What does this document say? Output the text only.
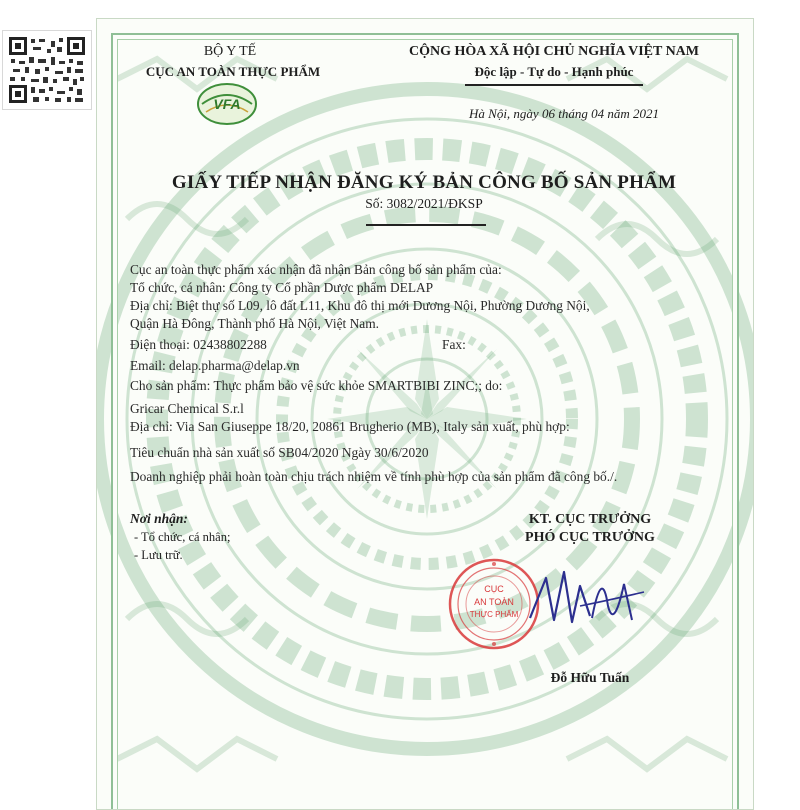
BỘ Y TẾ
CỤC AN TOÀN THỰC PHẨM
VFA
CỘNG HÒA XÃ HỘI CHỦ NGHĨA VIỆT NAM
Độc lập - Tự do - Hạnh phúc
Hà Nội, ngày 06 tháng 04 năm 2021
GIẤY TIẾP NHẬN ĐĂNG KÝ BẢN CÔNG BỐ SẢN PHẨM
Số: 3082/2021/ĐKSP
Cục an toàn thực phẩm xác nhận đã nhận Bản công bố sản phẩm của:
Tổ chức, cá nhân: Công ty Cổ phần Dược phẩm DELAP
Địa chỉ: Biệt thự số L09, lô đất L11, Khu đô thị mới Dương Nội, Phường Dương Nội,
Quận Hà Đông, Thành phố Hà Nội, Việt Nam.
Điện thoại: 02438802288	Fax:
Email: delap.pharma@delap.vn
Cho sản phẩm: Thực phẩm bảo vệ sức khỏe SMARTBIBI ZINC;; do:
Gricar Chemical S.r.l
Địa chỉ: Via San Giuseppe 18/20, 20861 Brugherio (MB), Italy sản xuất, phù hợp:
Tiêu chuẩn nhà sản xuất số SB04/2020 Ngày 30/6/2020
Doanh nghiệp phải hoàn toàn chịu trách nhiệm về tính phù hợp của sản phẩm đã công bố./.
Nơi nhận:
- Tổ chức, cá nhân;
- Lưu trữ.
KT. CỤC TRƯỞNG
PHÓ CỤC TRƯỞNG
CỤC
AN TOÀN
THỰC PHẨM
Đỗ Hữu Tuấn
